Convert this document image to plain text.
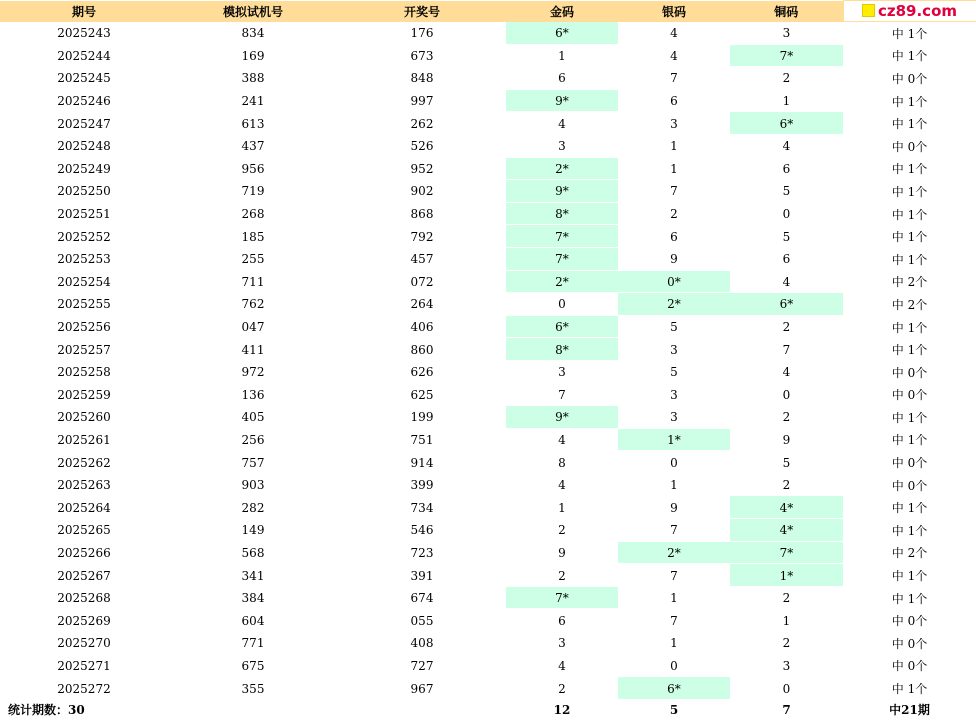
期号	模拟试机号	开奖号	金码	银码	铜码	cz89.com

2025243	834	176	6*	4	3	中 1个
2025244	169	673	1	4	7*	中 1个
2025245	388	848	6	7	2	中 0个
2025246	241	997	9*	6	1	中 1个
2025247	613	262	4	3	6*	中 1个
2025248	437	526	3	1	4	中 0个
2025249	956	952	2*	1	6	中 1个
2025250	719	902	9*	7	5	中 1个
2025251	268	868	8*	2	0	中 1个
2025252	185	792	7*	6	5	中 1个
2025253	255	457	7*	9	6	中 1个
2025254	711	072	2*	0*	4	中 2个
2025255	762	264	0	2*	6*	中 2个
2025256	047	406	6*	5	2	中 1个
2025257	411	860	8*	3	7	中 1个
2025258	972	626	3	5	4	中 0个
2025259	136	625	7	3	0	中 0个
2025260	405	199	9*	3	2	中 1个
2025261	256	751	4	1*	9	中 1个
2025262	757	914	8	0	5	中 0个
2025263	903	399	4	1	2	中 0个
2025264	282	734	1	9	4*	中 1个
2025265	149	546	2	7	4*	中 1个
2025266	568	723	9	2*	7*	中 2个
2025267	341	391	2	7	1*	中 1个
2025268	384	674	7*	1	2	中 1个
2025269	604	055	6	7	1	中 0个
2025270	771	408	3	1	2	中 0个
2025271	675	727	4	0	3	中 0个
2025272	355	967	2	6*	0	中 1个
统计期数：30			12	5	7	中21期
